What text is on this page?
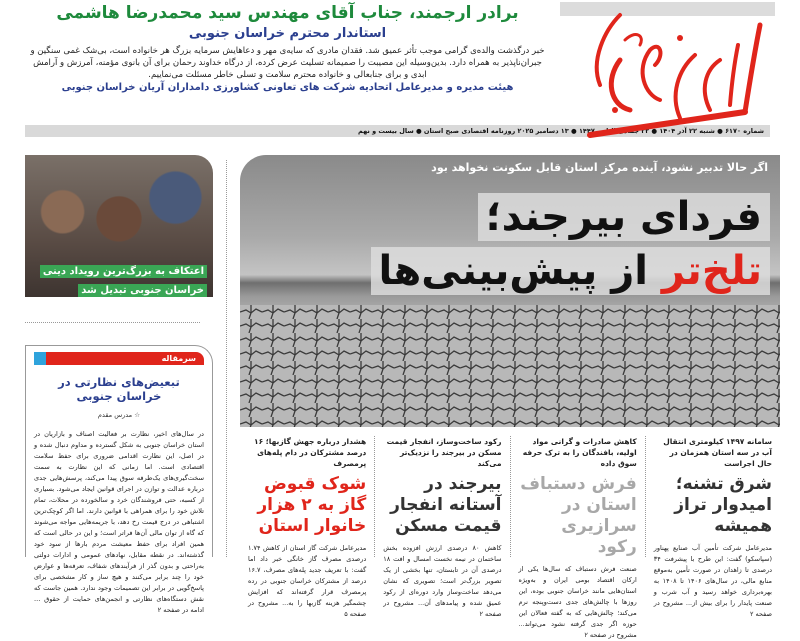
برادر ارجمند، جناب آقای مهندس سید محمدرضا هاشمی
استاندار محترم خراسان جنوبی
خبر درگذشت والده‌ی گرامی موجب تأثر عمیق شد. فقدان مادری که سایه‌ی مهر و دعاهایش سرمایه بزرگ هر خانواده است، بی‌شک غمی سنگین و جبران‌ناپذیر به همراه دارد. بدین‌وسیله این مصیبت را صمیمانه تسلیت عرض کرده، از درگاه خداوند رحمان برای آن بانوی مؤمنه، آمرزش و آرامش ابدی و برای جنابعالی و خانواده محترم سلامت و تسلی خاطر مسئلت می‌نماییم.
هیئت مدیره و مدیرعامل اتحادیه شرکت های تعاونی کشاورزی دامداران آریان خراسان جنوبی
شماره ۶۱۷۰ ● شنبه ۲۲ آذر ۱۴۰۴ ● ۲۲ جمادی الثانی ۱۴۴۷ ● ۱۳ دسامبر ۲۰۲۵ روزنامه اقتصادی صبح استان ● سال بیست و نهم
اگر حالا تدبیر نشود، آینده مرکز استان قابل سکونت نخواهد بود
فردای بیرجند؛
تلخ‌تر از پیش‌بینی‌ها
اعتکاف به بزرگ‌ترین رویداد دینی
خراسان جنوبی تبدیل شد
سرمقاله
تبعیض‌های نظارتی در خراسان جنوبی
☆ مدرس مقدم
در سال‌های اخیر، نظارت بر فعالیت اصناف و بازاریان در استان خراسان جنوبی به شکل گسترده و مداوم دنبال شده و در اصل، این نظارت اقدامی ضروری برای حفظ سلامت اقتصادی است. اما زمانی که این نظارت به سمت سخت‌گیری‌های یک‌طرفه سوق پیدا می‌کند، پرسش‌هایی جدی درباره عدالت و توازن در اجرای قوانین ایجاد می‌شود. بسیاری از کسبه، حتی فروشندگان خرد و سالخورده در محلات، تمام تلاش خود را برای همراهی با قوانین دارند. اما اگر کوچک‌ترین اشتباهی در درج قیمت رخ دهد، با جریمه‌هایی مواجه می‌شوند که گاه از توان مالی آن‌ها فراتر است؛ و این در حالی است که همین افراد برای حفظ معیشت مردم بارها از سود خود گذشته‌اند. در نقطه مقابل، نهادهای عمومی و ادارات دولتی به‌راحتی و بدون گذر از فرآیندهای شفاف، تعرفه‌ها و عوارض خود را چند برابر می‌کنند و هیچ ساز و کار مشخصی برای پاسخ‌گویی در برابر این تصمیمات وجود ندارد. همین جاست که نقش دستگاه‌های نظارتی و انجمن‌های حمایت از حقوق ... ادامه در صفحه ۲
سامانه ۱۴۹۷ کیلومتری انتقال آب در سه استان همزمان در حال اجراست
شرق تشنه؛ امیدوار تراز همیشه
مدیرعامل شرکت تأمین آب صنایع پهناور (سپاسکو) گفت: این طرح با پیشرفت ۳۴ درصدی تا زاهدان در صورت تأمین به‌موقع منابع مالی، در سال‌های ۱۴۰۶ تا ۱۴۰۸ به بهره‌برداری خواهد رسید و آب شرب و صنعت پایدار را برای بیش از... مشروح در صفحه ۲
کاهش صادرات و گرانی مواد اولیه، بافندگان را به ترک حرفه سوق داده
فرش دستباف استان در سرازیری رکود
صنعت فرش دستباف که سال‌ها یکی از ارکان اقتصاد بومی ایران و به‌ویژه استان‌هایی مانند خراسان جنوبی بوده، این روزها با چالش‌های جدی دست‌وپنجه نرم می‌کند؛ چالش‌هایی که به گفته فعالان این حوزه اگر جدی گرفته نشود می‌تواند... مشروح در صفحه ۲
رکود ساخت‌وساز، انفجار قیمت مسکن در بیرجند را نزدیک‌تر می‌کند
بیرجند در آستانه انفجار قیمت مسکن
کاهش ۸۰ درصدی ارزش افزوده بخش ساختمان در نیمه نخست امسال و افت ۱۸ درصدی آن در تابستان، تنها بخشی از یک تصویر بزرگ‌تر است؛ تصویری که نشان می‌دهد ساخت‌وساز وارد دوره‌ای از رکود عمیق شده و پیامدهای آن... مشروح در صفحه ۲
هشدار درباره جهش گازبها؛ ۱۶ درصد مشترکان در دام پله‌های پرمصرف
شوک قبوض گاز به ۲ هزار خانوار استان
مدیرعامل شرکت گاز استان از کاهش ۱.۷۴ درصدی مصرف گاز خانگی خبر داد اما گفت: با تعریف جدید پله‌های مصرف، ۱۶.۷ درصد از مشترکان خراسان جنوبی در رده پرمصرف قرار گرفته‌اند که افزایش چشمگیر هزینه گازبها را به... مشروح در صفحه ۵
